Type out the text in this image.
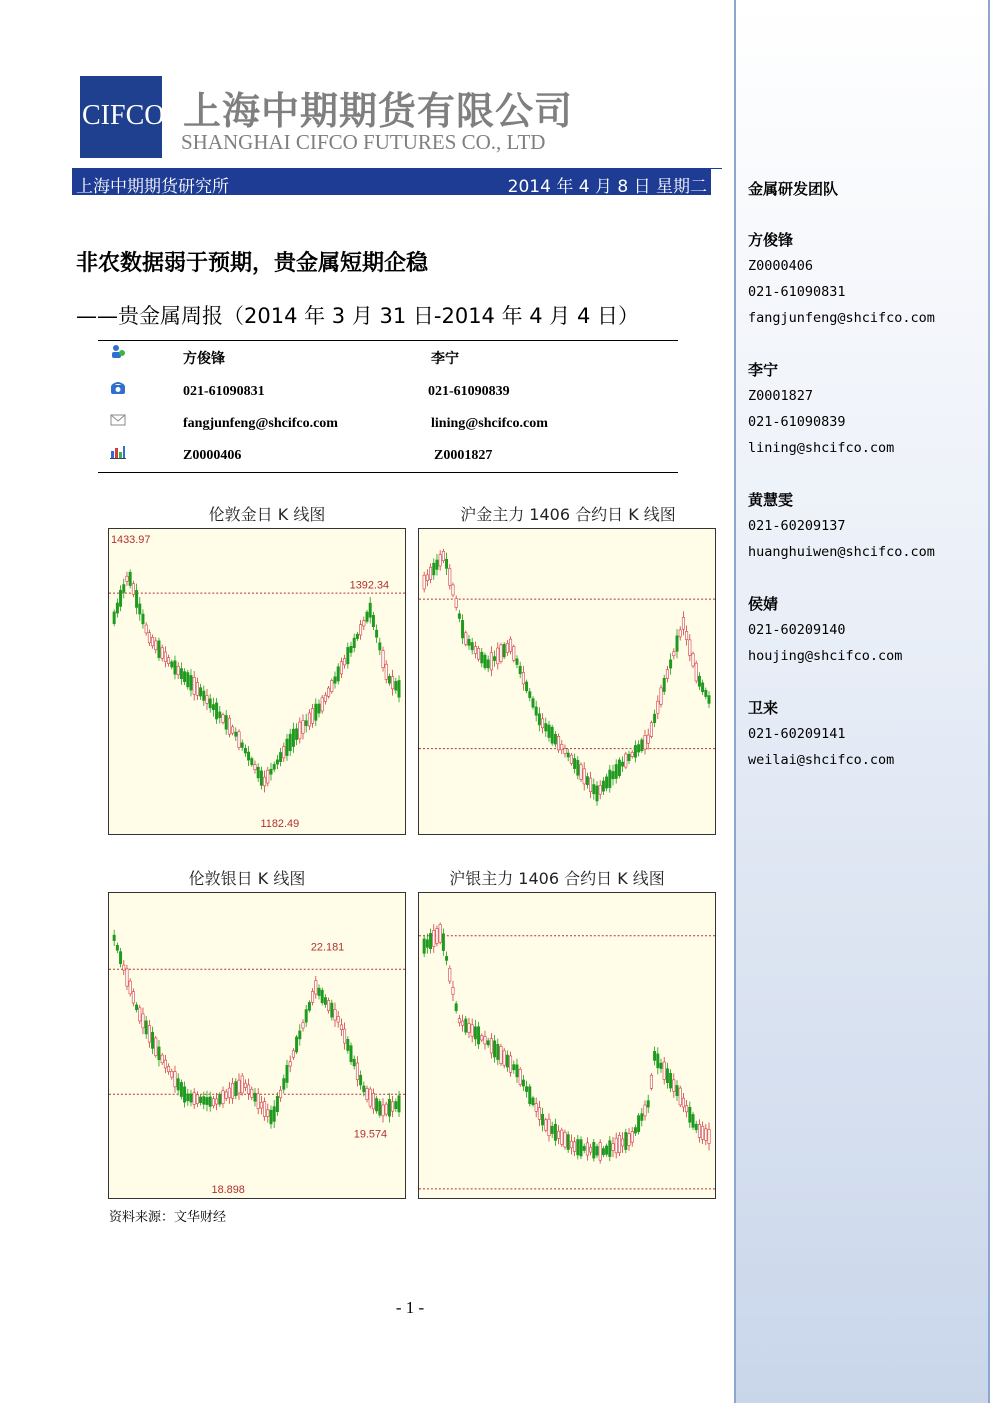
CIFCO 上海中期期货有限公司
SHANGHAI CIFCO FUTURES CO., LTD
上海中期期货研究所	2014 年 4 月 8 日 星期二
非农数据弱于预期，贵金属短期企稳
——贵金属周报（2014 年 3 月 31 日-2014 年 4 月 4 日）
方俊锋	李宁
021-61090831	021-61090839
fangjunfeng@shcifco.com	lining@shcifco.com
Z0000406	Z0001827
伦敦金日 K 线图	沪金主力 1406 合约日 K 线图
1433.97
1392.34
1182.49
伦敦银日 K 线图	沪银主力 1406 合约日 K 线图
22.181
19.574
18.898
资料来源：文华财经
- 1 -
金属研发团队
方俊锋
Z0000406
021-61090831
fangjunfeng@shcifco.com
李宁
Z0001827
021-61090839
lining@shcifco.com
黄慧雯
021-60209137
huanghuiwen@shcifco.com
侯婧
021-60209140
houjing@shcifco.com
卫来
021-60209141
weilai@shcifco.com
